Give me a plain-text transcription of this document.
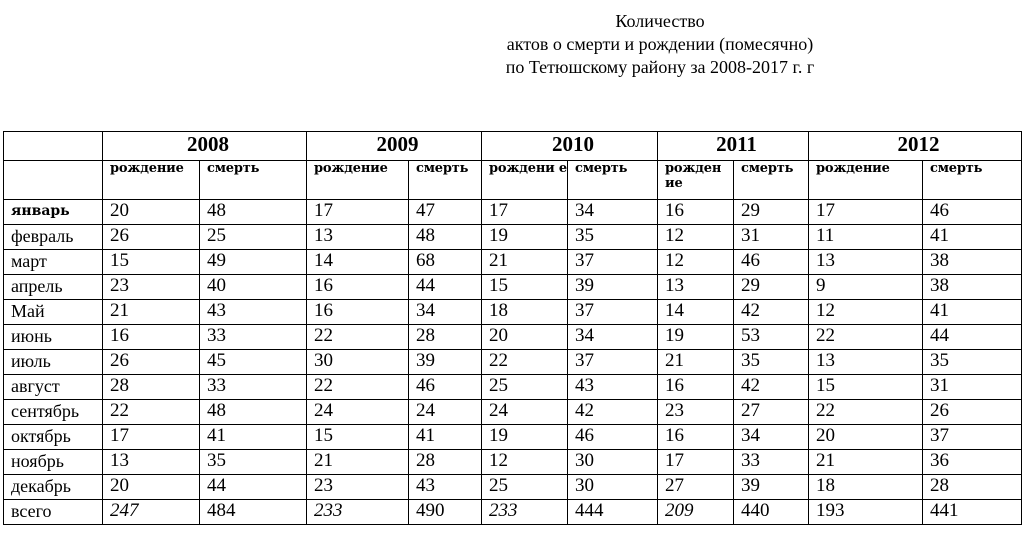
Количество
актов о смерти и рождении (помесячно)
по Тетюшскому району за 2008-2017 г. г
	2008		2009		2010		2011		2012	
	рождение	смерть	рождение	смерть	рождени е	смерть	рожден ие	смерть	рождение	смерть
январь	20	48	17	47	17	34	16	29	17	46
февраль	26	25	13	48	19	35	12	31	11	41
март	15	49	14	68	21	37	12	46	13	38
апрель	23	40	16	44	15	39	13	29	9	38
Май	21	43	16	34	18	37	14	42	12	41
июнь	16	33	22	28	20	34	19	53	22	44
июль	26	45	30	39	22	37	21	35	13	35
август	28	33	22	46	25	43	16	42	15	31
сентябрь	22	48	24	24	24	42	23	27	22	26
октябрь	17	41	15	41	19	46	16	34	20	37
ноябрь	13	35	21	28	12	30	17	33	21	36
декабрь	20	44	23	43	25	30	27	39	18	28
всего	247	484	233	490	233	444	209	440	193	441
